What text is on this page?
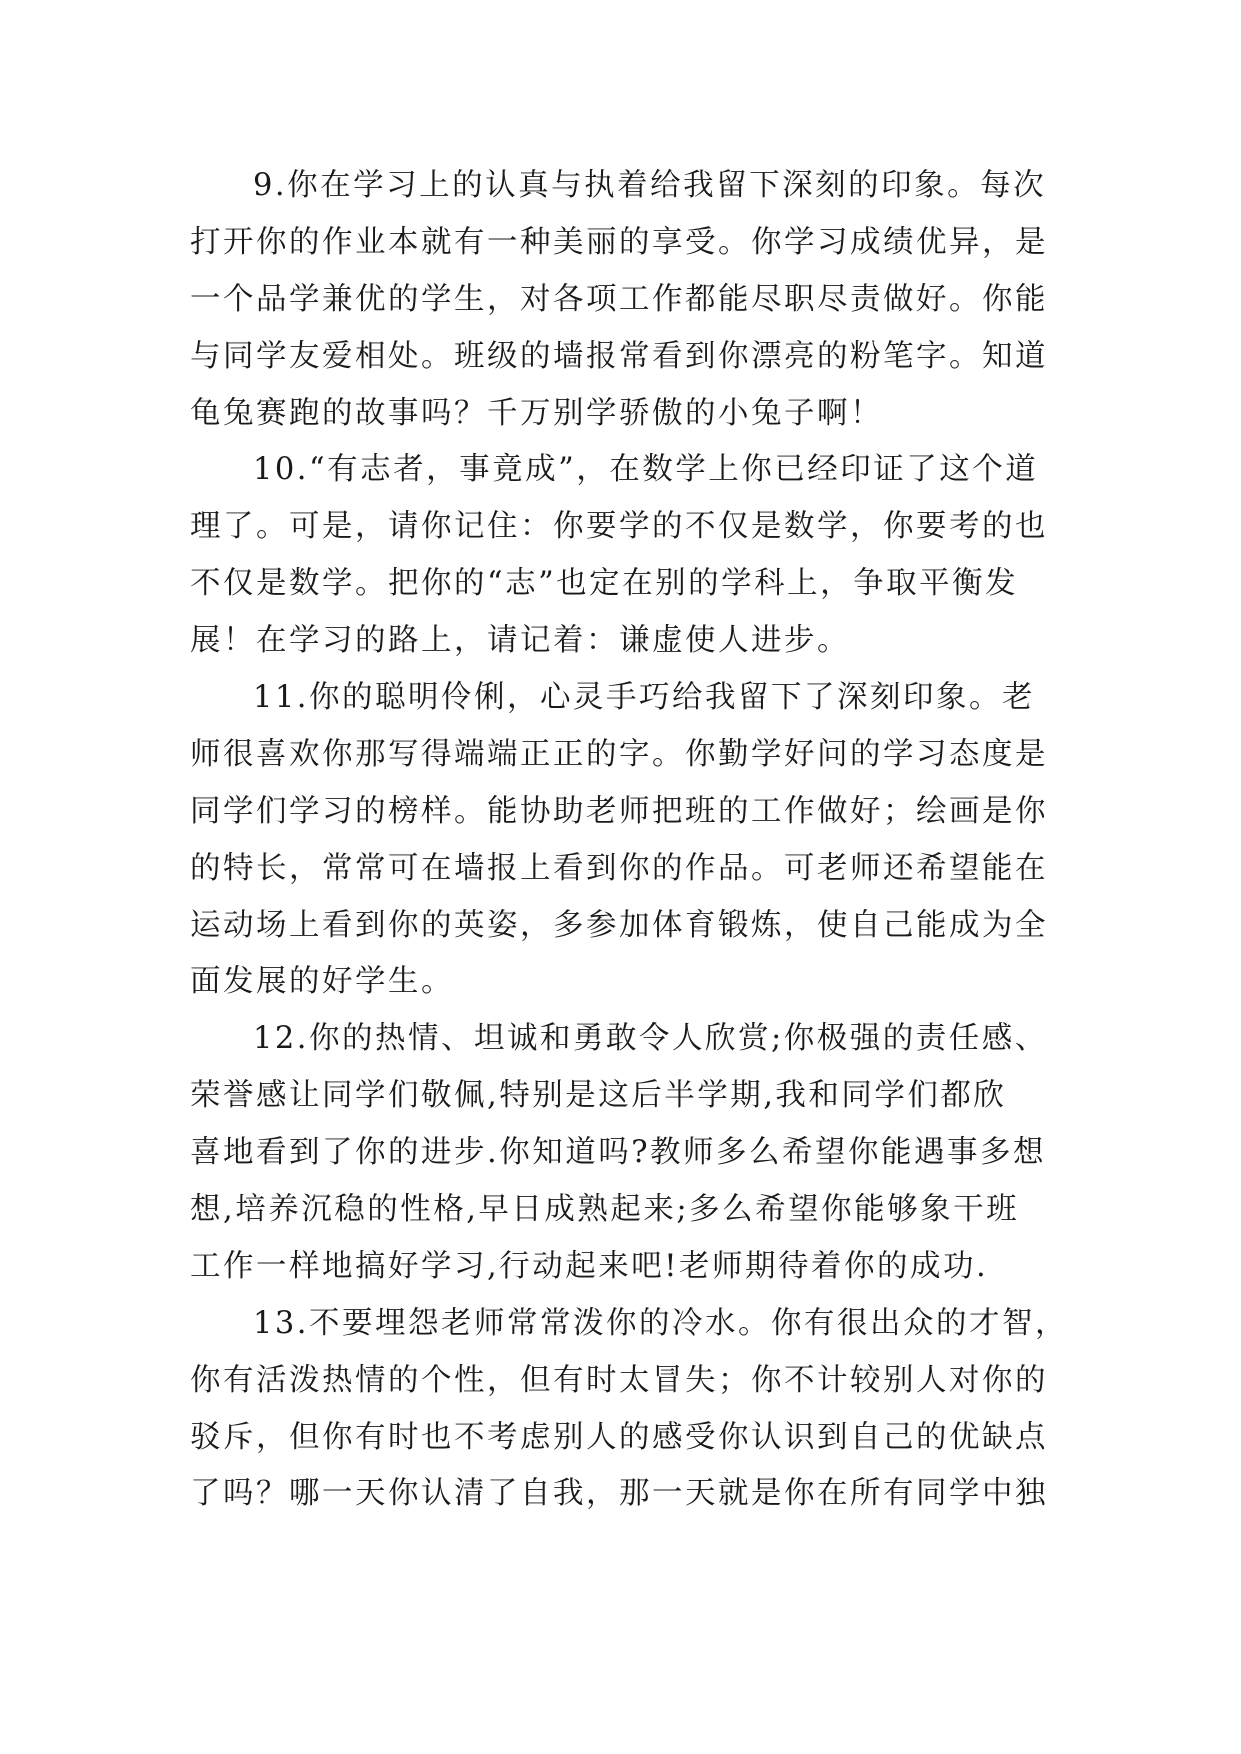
9.你在学习上的认真与执着给我留下深刻的印象。每次
打开你的作业本就有一种美丽的享受。你学习成绩优异，是
一个品学兼优的学生，对各项工作都能尽职尽责做好。你能
与同学友爱相处。班级的墙报常看到你漂亮的粉笔字。知道
龟兔赛跑的故事吗？千万别学骄傲的小兔子啊！
10.“有志者，事竟成”，在数学上你已经印证了这个道
理了。可是，请你记住：你要学的不仅是数学，你要考的也
不仅是数学。把你的“志”也定在别的学科上，争取平衡发
展！在学习的路上，请记着：谦虚使人进步。
11.你的聪明伶俐，心灵手巧给我留下了深刻印象。老
师很喜欢你那写得端端正正的字。你勤学好问的学习态度是
同学们学习的榜样。能协助老师把班的工作做好；绘画是你
的特长，常常可在墙报上看到你的作品。可老师还希望能在
运动场上看到你的英姿，多参加体育锻炼，使自己能成为全
面发展的好学生。
12.你的热情、坦诚和勇敢令人欣赏;你极强的责任感、
荣誉感让同学们敬佩,特别是这后半学期,我和同学们都欣
喜地看到了你的进步.你知道吗?教师多么希望你能遇事多想
想,培养沉稳的性格,早日成熟起来;多么希望你能够象干班
工作一样地搞好学习,行动起来吧!老师期待着你的成功.
13.不要埋怨老师常常泼你的冷水。你有很出众的才智，
你有活泼热情的个性，但有时太冒失；你不计较别人对你的
驳斥，但你有时也不考虑别人的感受你认识到自己的优缺点
了吗？哪一天你认清了自我，那一天就是你在所有同学中独
